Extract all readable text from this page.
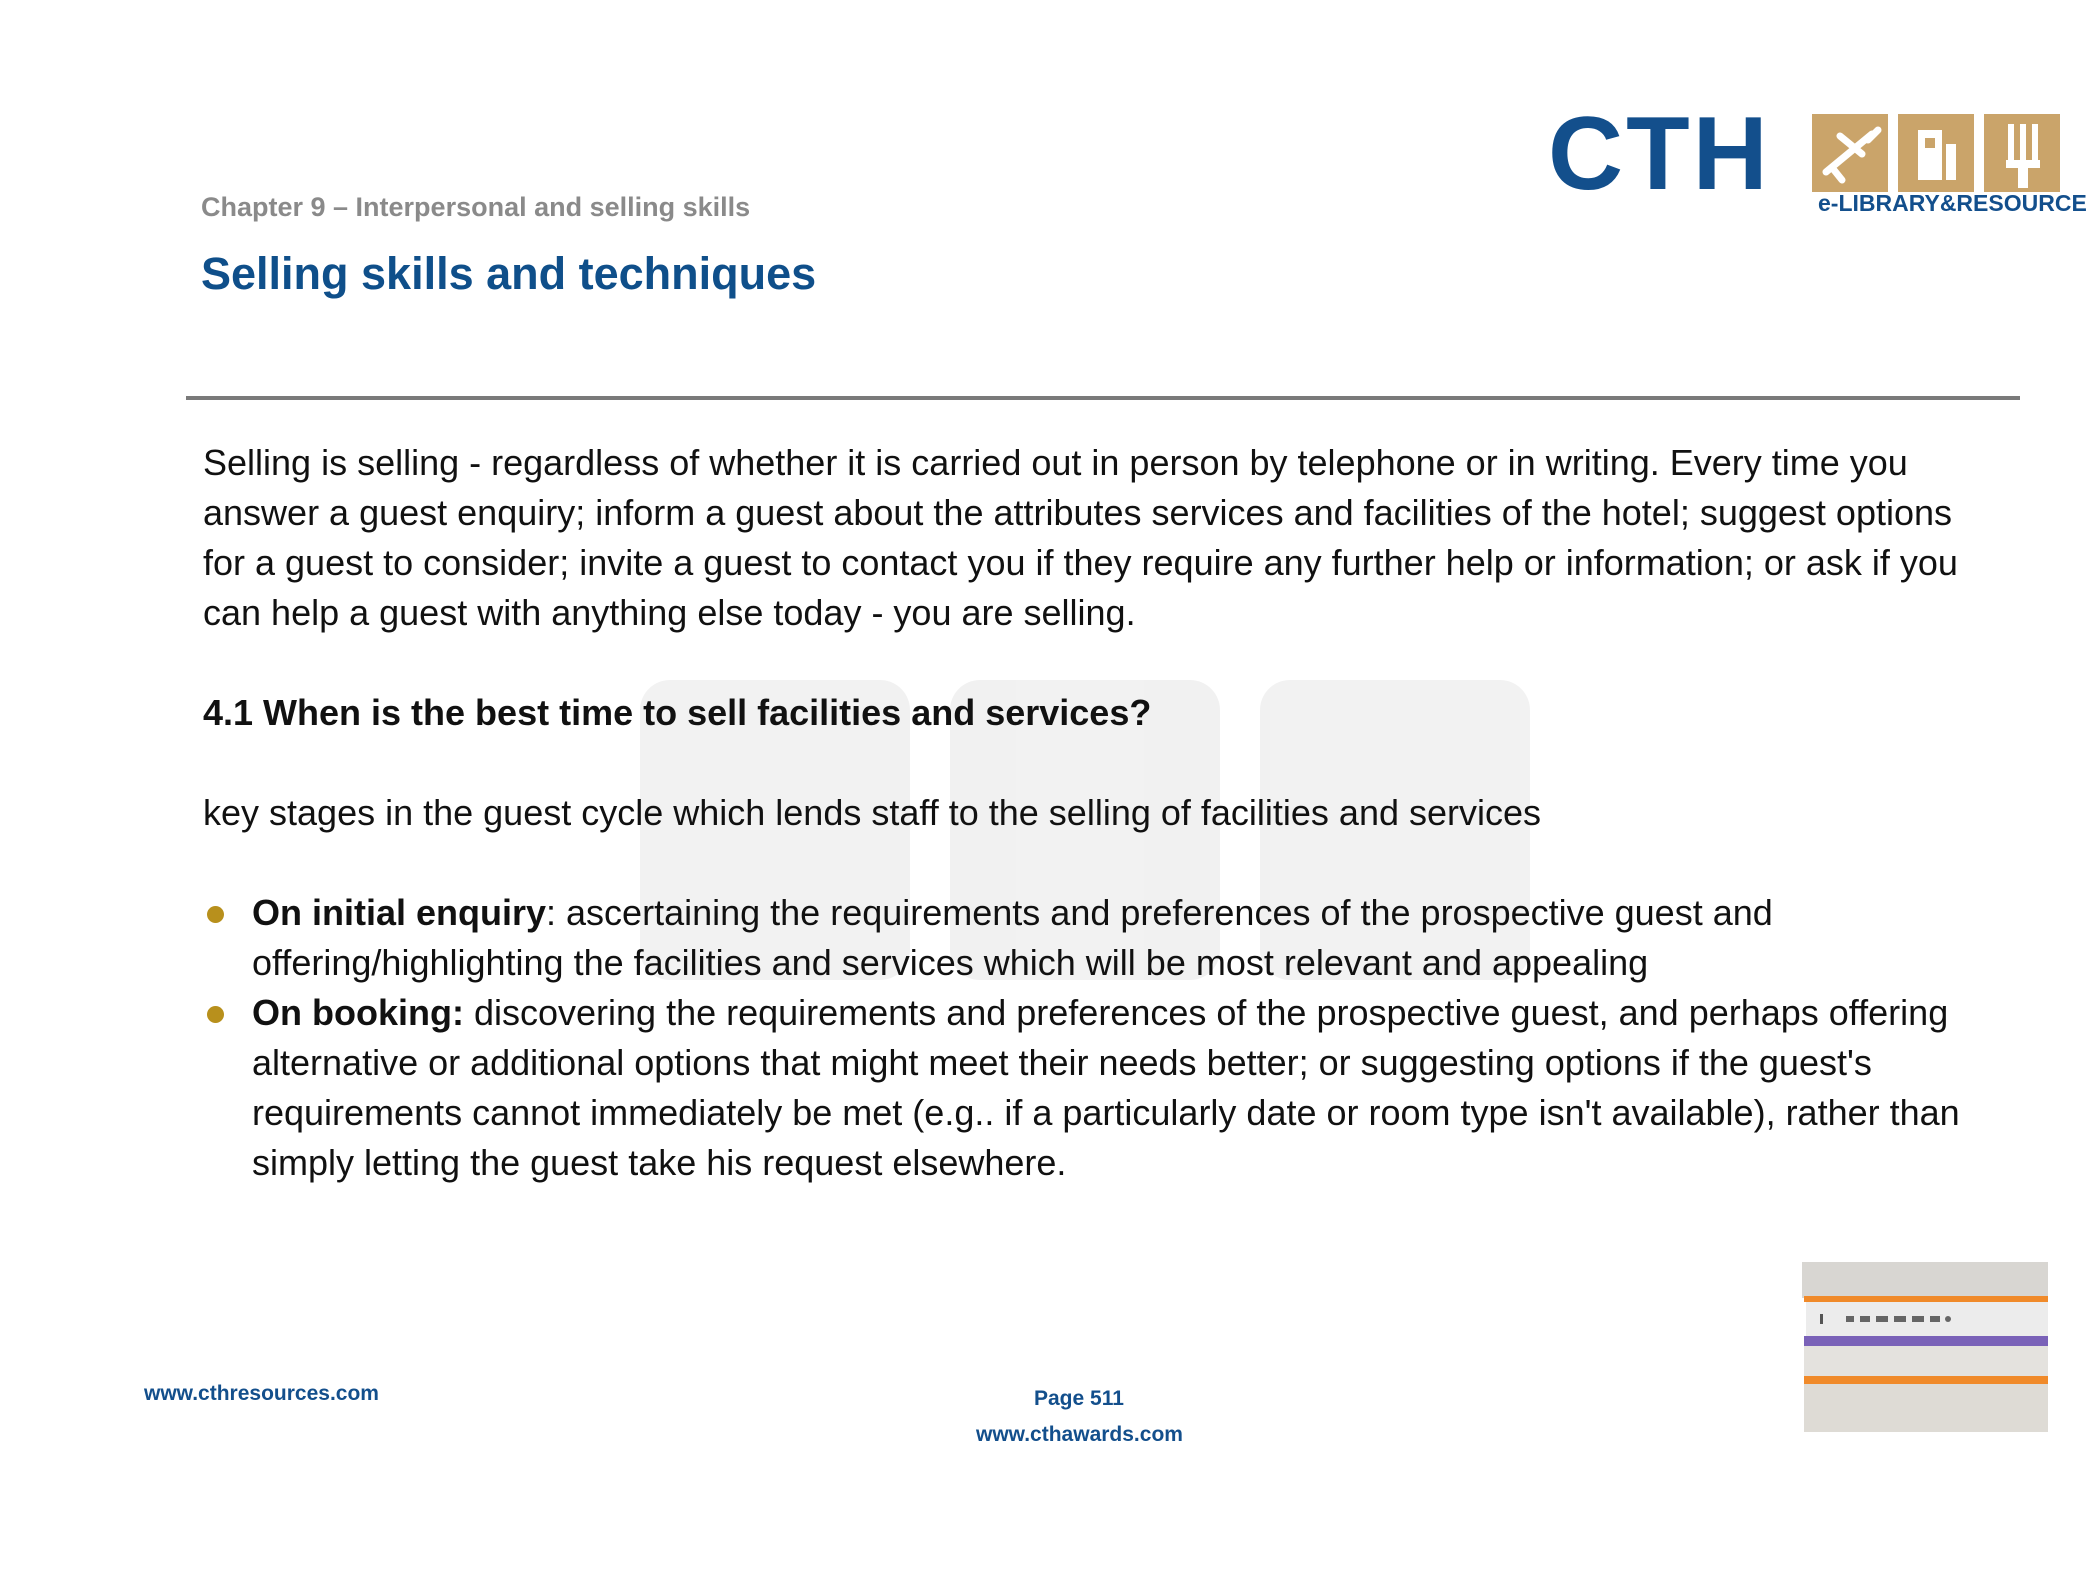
Chapter 9 – Interpersonal and selling skills
Selling skills and techniques
CTH e-LIBRARY&RESOURCE

Selling is selling - regardless of whether it is carried out in person by telephone or in writing. Every time you answer a guest enquiry; inform a guest about the attributes services and facilities of the hotel; suggest options for a guest to consider; invite a guest to contact you if they require any further help or information; or ask if you can help a guest with anything else today - you are selling.

4.1 When is the best time to sell facilities and services?

key stages in the guest cycle which lends staff to the selling of facilities and services

On initial enquiry: ascertaining the requirements and preferences of the prospective guest and offering/highlighting the facilities and services which will be most relevant and appealing
On booking: discovering the requirements and preferences of the prospective guest, and perhaps offering alternative or additional options that might meet their needs better; or suggesting options if the guest's requirements cannot immediately be met (e.g.. if a particularly date or room type isn't available), rather than simply letting the guest take his request elsewhere.
www.cthresources.com	Page 511
www.cthawards.com
